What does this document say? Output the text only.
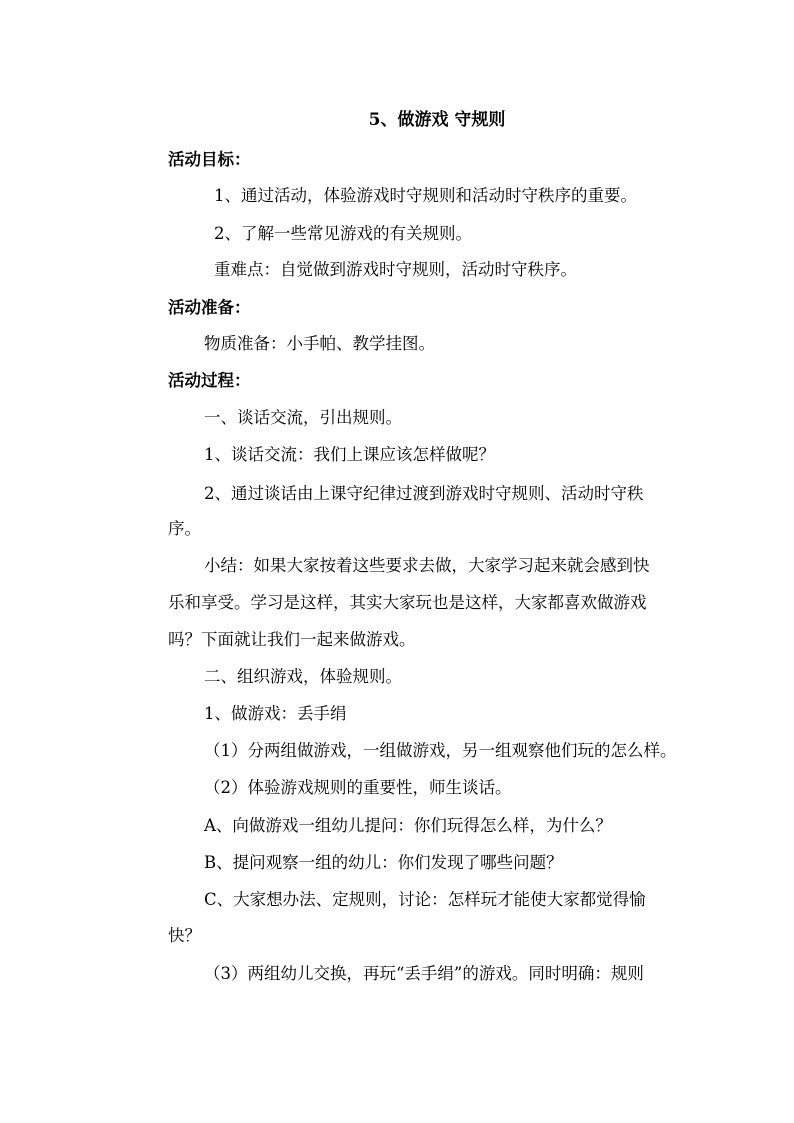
5、做游戏 守规则
活动目标：
1、通过活动，体验游戏时守规则和活动时守秩序的重要。
2、了解一些常见游戏的有关规则。
重难点：自觉做到游戏时守规则，活动时守秩序。
活动准备：
物质准备：小手帕、教学挂图。
活动过程：
一、谈话交流，引出规则。
1、谈话交流：我们上课应该怎样做呢？
2、通过谈话由上课守纪律过渡到游戏时守规则、活动时守秩
序。
小结：如果大家按着这些要求去做，大家学习起来就会感到快
乐和享受。学习是这样，其实大家玩也是这样，大家都喜欢做游戏
吗？下面就让我们一起来做游戏。
二、组织游戏，体验规则。
1、做游戏：丢手绢
（1）分两组做游戏，一组做游戏，另一组观察他们玩的怎么样。
（2）体验游戏规则的重要性，师生谈话。
A、向做游戏一组幼儿提问：你们玩得怎么样，为什么？
B、提问观察一组的幼儿：你们发现了哪些问题？
C、大家想办法、定规则，讨论：怎样玩才能使大家都觉得愉
快？
（3）两组幼儿交换，再玩“丢手绢”的游戏。同时明确：规则
